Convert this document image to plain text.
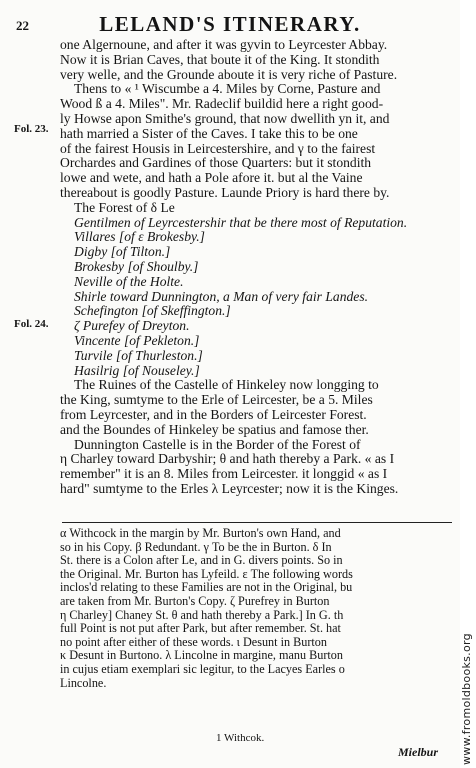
22	LELAND'S ITINERARY.
Fol. 23.
Fol. 24.
one Algernoune, and after it was gyvin to Leyrcester Abbay.
Now it is Brian Caves, that boute it of the King. It stondith
very welle, and the Grounde aboute it is very riche of Pasture.
Thens to « ¹ Wiscumbe a 4. Miles by Corne, Pasture and
Wood ß a 4. Miles". Mr. Radeclif buildid here a right good-
ly Howse apon Smithe's ground, that now dwellith yn it, and
hath married a Sister of the Caves. I take this to be one
of the fairest Housis in Leircestershire, and γ to the fairest
Orchardes and Gardines of those Quarters: but it stondith
lowe and wete, and hath a Pole afore it. but al the Vaine
thereabout is goodly Pasture. Launde Priory is hard there by.
The Forest of δ Le
Gentilmen of Leyrcestershir that be there most of Reputation.
Villares [of ε Brokesby.]
Digby [of Tilton.]
Brokesby [of Shoulby.]
Neville of the Holte.
Shirle toward Dunnington, a Man of very fair Landes.
Schefington [of Skeffington.]
ζ Purefey of Dreyton.
Vincente [of Pekleton.]
Turvile [of Thurleston.]
Hasilrig [of Nouseley.]
The Ruines of the Castelle of Hinkeley now longging to
the King, sumtyme to the Erle of Leircester, be a 5. Miles
from Leyrcester, and in the Borders of Leircester Forest.
and the Boundes of Hinkeley be spatius and famose ther.
Dunnington Castelle is in the Border of the Forest of
η Charley toward Darbyshir; θ and hath thereby a Park. « as I
remember" it is an 8. Miles from Leircester. it longgid « as I
hard" sumtyme to the Erles λ Leyrcester; now it is the Kinges.
α Withcock in the margin by Mr. Burton's own Hand, and
so in his Copy. β Redundant. γ To be the in Burton. δ In
St. there is a Colon after Le, and in G. divers points. So in
the Original. Mr. Burton has Lyfeild. ε The following words
inclos'd relating to these Families are not in the Original, bu
are taken from Mr. Burton's Copy. ζ Purefrey in Burton
η Charley] Chaney St. θ and hath thereby a Park.] In G. th
full Point is not put after Park, but after remember. St. hat
no point after either of these words. ι Desunt in Burton
κ Desunt in Burtono. λ Lincolne in margine, manu Burton
in cujus etiam exemplari sic legitur, to the Lacyes Earles o
Lincolne.
1 Withcok.
Mielbur www.fromoldbooks.org
